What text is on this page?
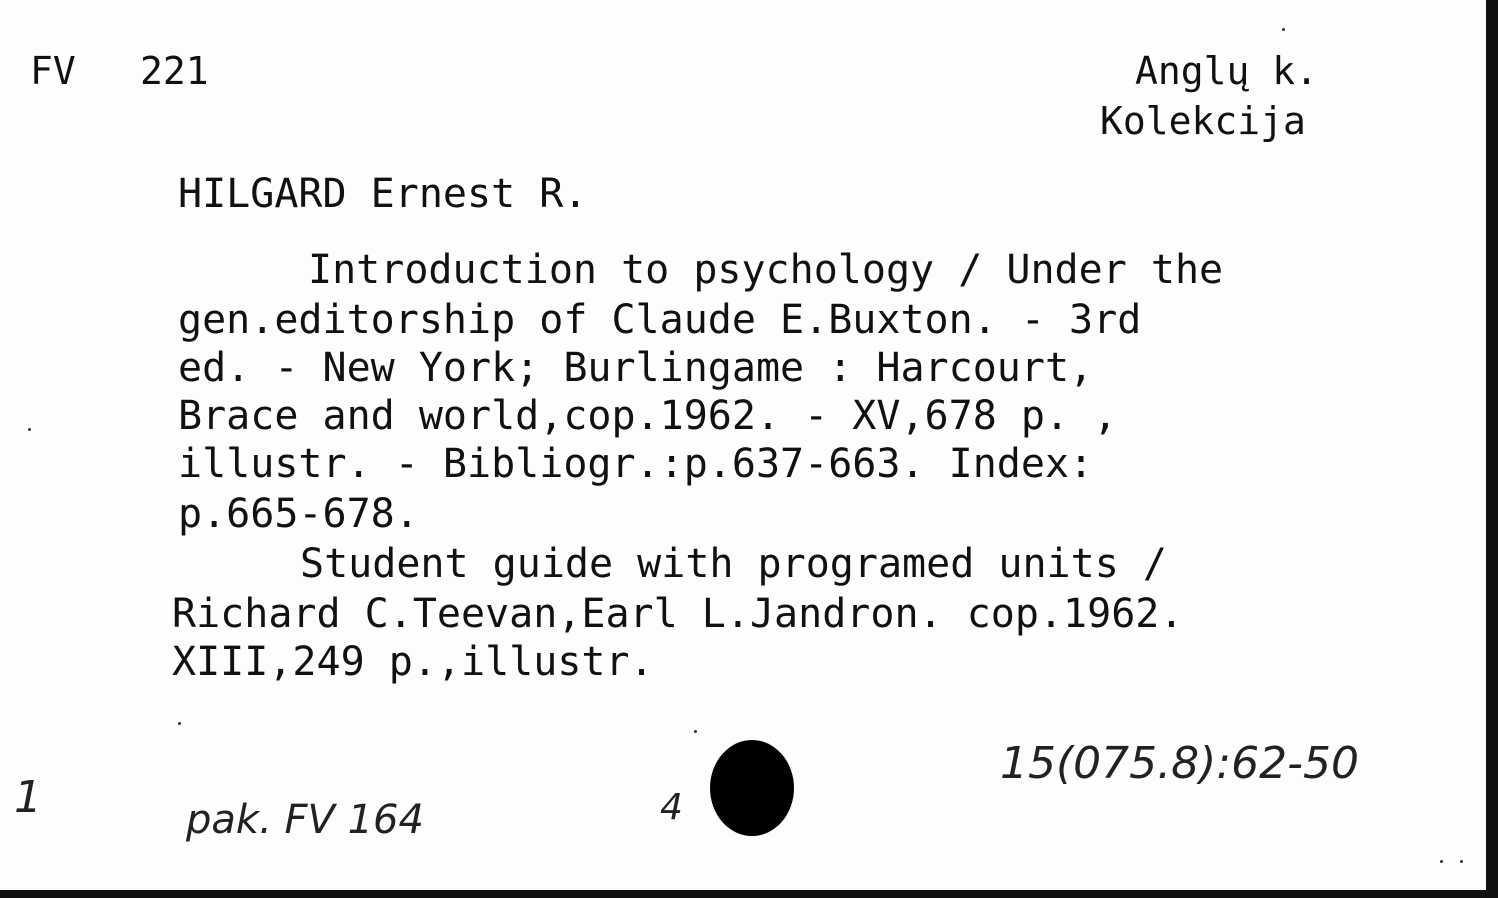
FV 221	Anglų k.
Kolekcija
HILGARD Ernest R.
Introduction to psychology / Under the
gen.editorship of Claude E.Buxton. - 3rd
ed. - New York; Burlingame : Harcourt,
Brace and world,cop.1962. - XV,678 p. ,
illustr. - Bibliogr.:p.637-663. Index:
p.665-678.
Student guide with programed units /
Richard C.Teevan,Earl L.Jandron. cop.1962.
XIII,249 p.,illustr.
1	pak. FV 164	4
15(075.8):62-50
